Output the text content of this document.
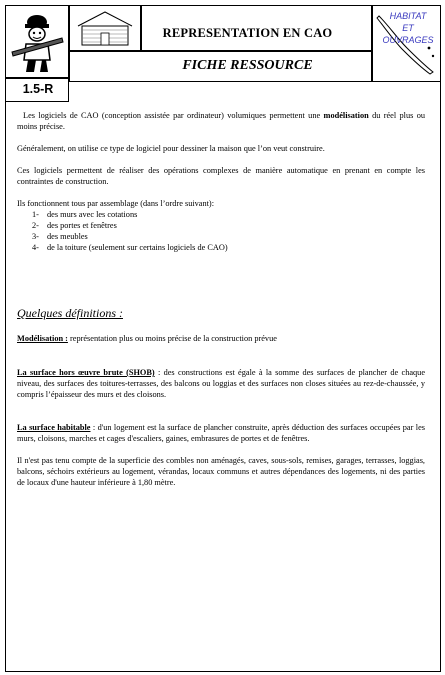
HABITAT
ET
OUVRAGES
REPRESENTATION EN CAO
FICHE RESSOURCE
1.5-R

Les logiciels de CAO (conception assistée par ordinateur) volumiques permettent une modélisation du réel plus ou moins précise.

Généralement, on utilise ce type de logiciel pour dessiner la maison que l’on veut construire.

Ces logiciels permettent de réaliser des opérations complexes de manière automatique en prenant en compte les contraintes de construction.

Ils fonctionnent tous par assemblage (dans l’ordre suivant):

1- des murs avec les cotations
2- des portes et fenêtres
3- des meubles
4- de la toiture (seulement sur certains logiciels de CAO)
Quelques définitions :

Modélisation : représentation plus ou moins précise de la construction prévue

La surface hors œuvre brute (SHOB) : des constructions est égale à la somme des surfaces de plancher de chaque niveau, des surfaces des toitures-terrasses, des balcons ou loggias et des surfaces non closes situées au rez-de-chaussée, y compris l’épaisseur des murs et des cloisons.

La surface habitable : d'un logement est la surface de plancher construite, après déduction des surfaces occupées par les murs, cloisons, marches et cages d'escaliers, gaines, embrasures de portes et de fenêtres.

Il n'est pas tenu compte de la superficie des combles non aménagés, caves, sous-sols, remises, garages, terrasses, loggias, balcons, séchoirs extérieurs au logement, vérandas, locaux communs et autres dépendances des logements, ni des parties de locaux d'une hauteur inférieure à 1,80 mètre.
